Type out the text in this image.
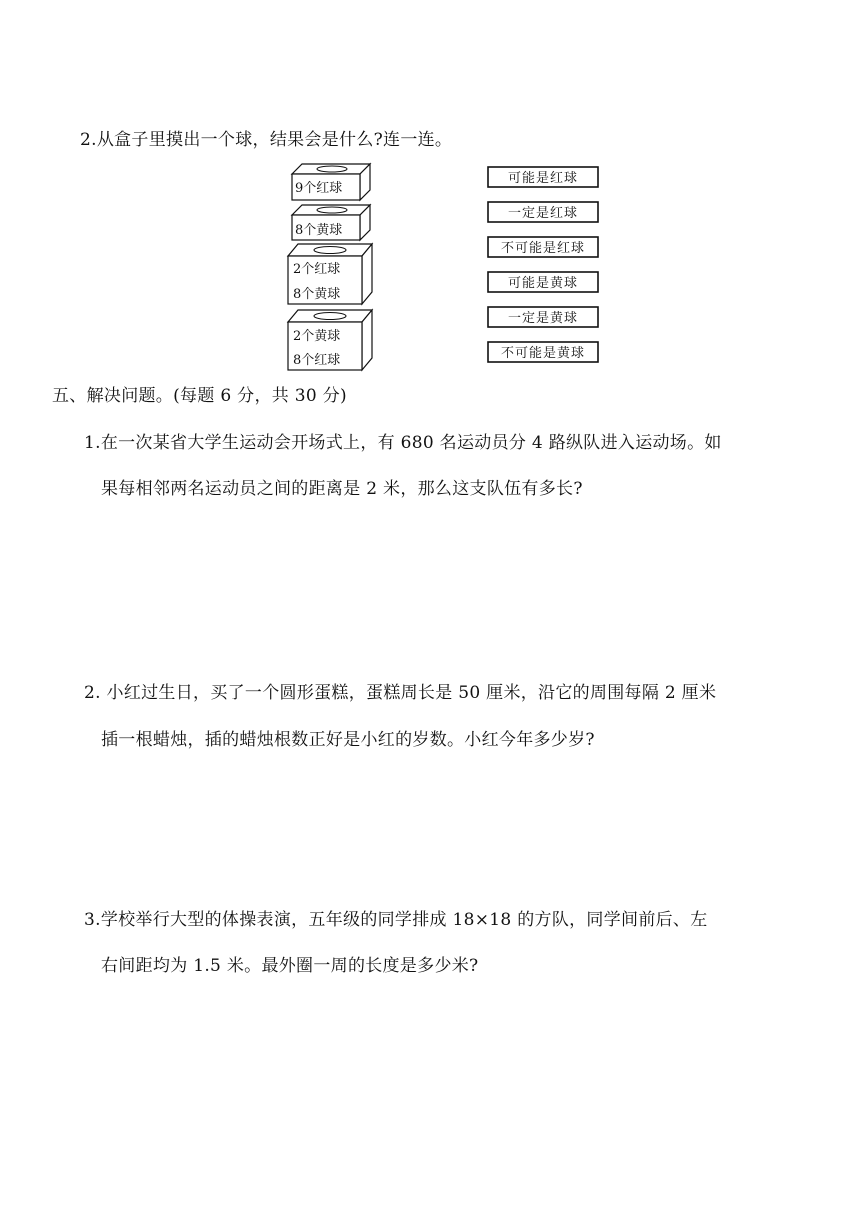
2.从盒子里摸出一个球，结果会是什么?连一连。
9个红球
8个黄球
2个红球
8个黄球
2个黄球
8个红球
可能是红球
一定是红球
不可能是红球
可能是黄球
一定是黄球
不可能是黄球
五、解决问题。(每题 6 分，共 30 分)
1.在一次某省大学生运动会开场式上，有 680 名运动员分 4 路纵队进入运动场。如
果每相邻两名运动员之间的距离是 2 米，那么这支队伍有多长?
2. 小红过生日，买了一个圆形蛋糕，蛋糕周长是 50 厘米，沿它的周围每隔 2 厘米
插一根蜡烛，插的蜡烛根数正好是小红的岁数。小红今年多少岁?
3.学校举行大型的体操表演，五年级的同学排成 18×18 的方队，同学间前后、左
右间距均为 1.5 米。最外圈一周的长度是多少米?
